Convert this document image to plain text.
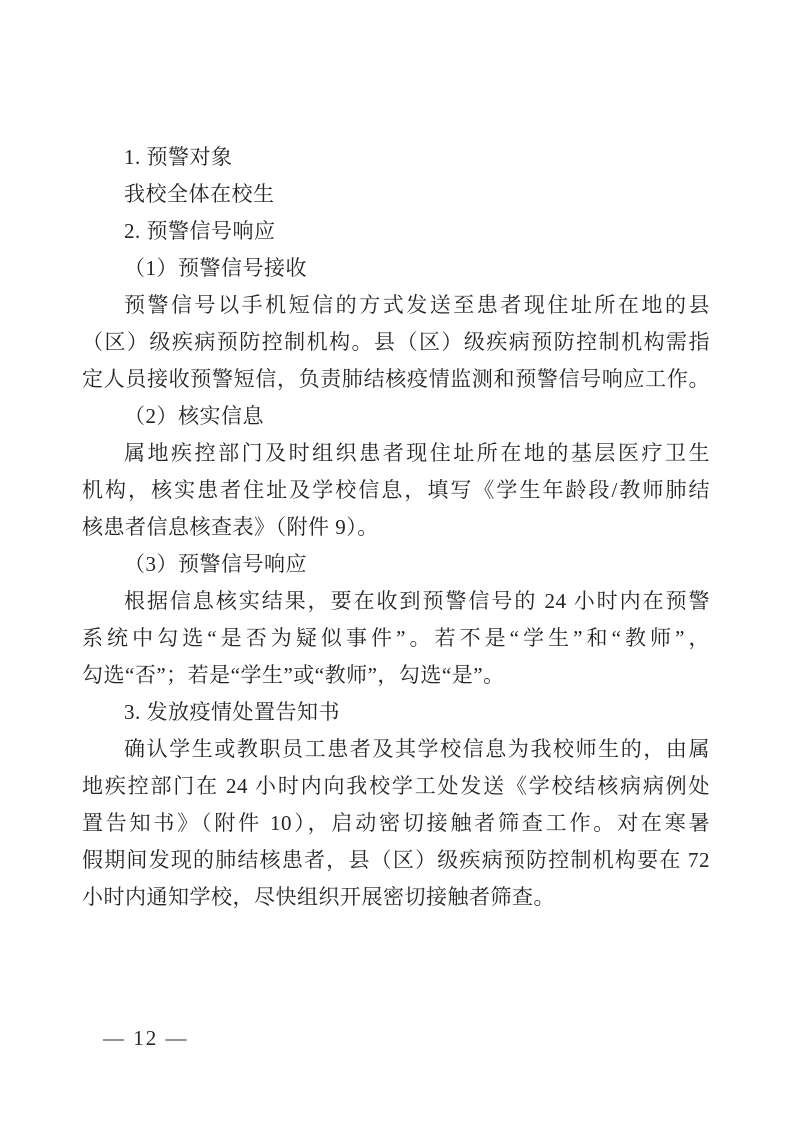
1. 预警对象
我校全体在校生
2. 预警信号响应
（1）预警信号接收
预警信号以手机短信的方式发送至患者现住址所在地的县
（区）级疾病预防控制机构。县（区）级疾病预防控制机构需指
定人员接收预警短信，负责肺结核疫情监测和预警信号响应工作。
（2）核实信息
属地疾控部门及时组织患者现住址所在地的基层医疗卫生
机构，核实患者住址及学校信息，填写《学生年龄段/教师肺结
核患者信息核查表》（附件 9）。
（3）预警信号响应
根据信息核实结果，要在收到预警信号的 24 小时内在预警
系统中勾选“是否为疑似事件”。若不是“学生”和“教师”，
勾选“否”；若是“学生”或“教师”，勾选“是”。
3. 发放疫情处置告知书
确认学生或教职员工患者及其学校信息为我校师生的，由属
地疾控部门在 24 小时内向我校学工处发送《学校结核病病例处
置告知书》（附件 10），启动密切接触者筛查工作。对在寒暑
假期间发现的肺结核患者，县（区）级疾病预防控制机构要在 72
小时内通知学校，尽快组织开展密切接触者筛查。
— 12 —
